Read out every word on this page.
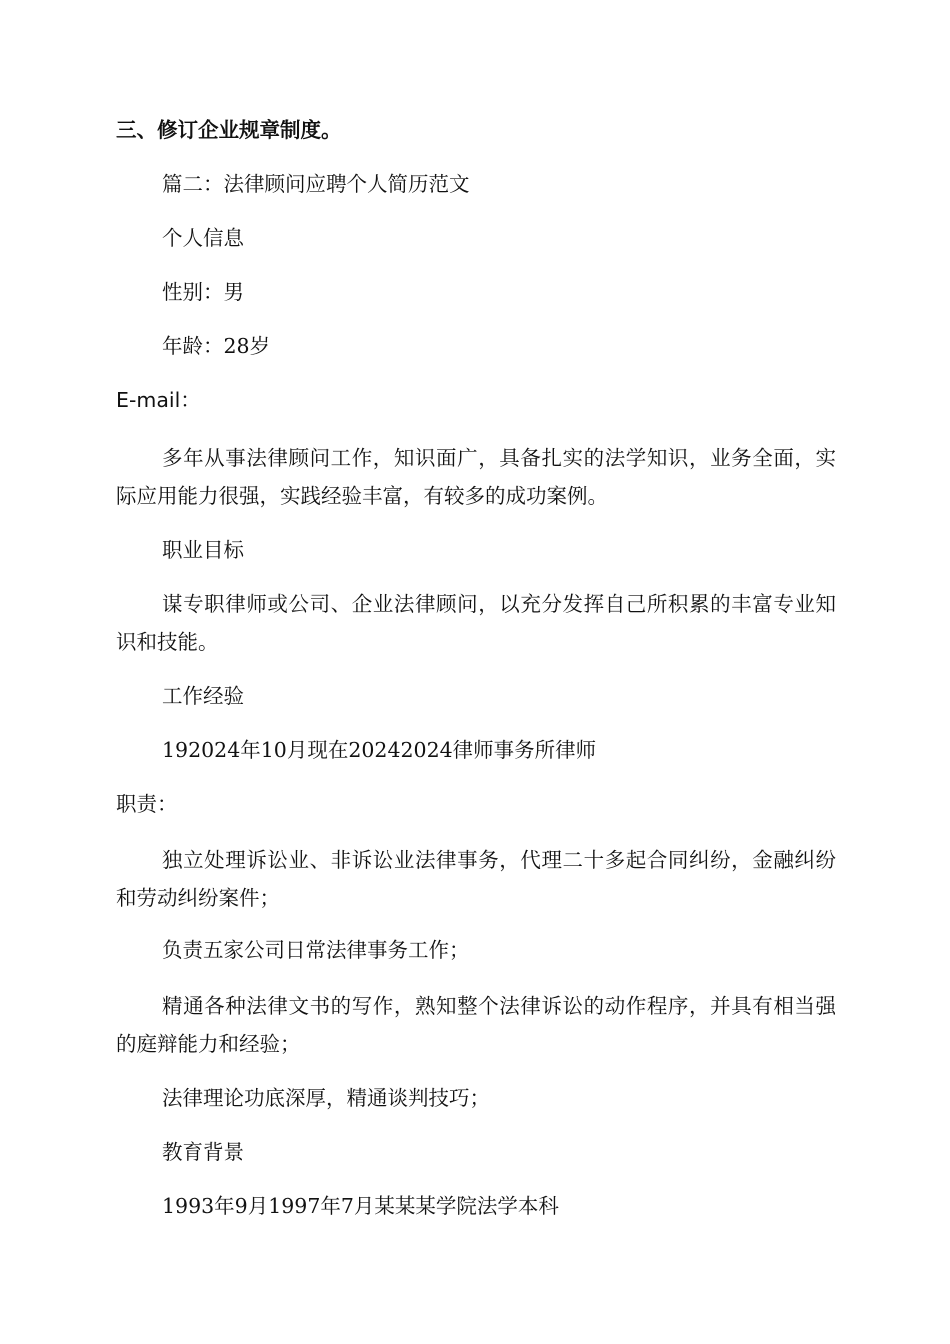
三、修订企业规章制度。
篇二：法律顾问应聘个人简历范文
个人信息
性别：男
年龄：28岁
E-mail：
多年从事法律顾问工作，知识面广，具备扎实的法学知识，业务全面，实际应用能力很强，实践经验丰富，有较多的成功案例。
职业目标
谋专职律师或公司、企业法律顾问，以充分发挥自己所积累的丰富专业知识和技能。
工作经验
192024年10月现在20242024律师事务所律师
职责：
独立处理诉讼业、非诉讼业法律事务，代理二十多起合同纠纷，金融纠纷和劳动纠纷案件；
负责五家公司日常法律事务工作；
精通各种法律文书的写作，熟知整个法律诉讼的动作程序，并具有相当强的庭辩能力和经验；
法律理论功底深厚，精通谈判技巧；
教育背景
1993年9月1997年7月某某某学院法学本科
